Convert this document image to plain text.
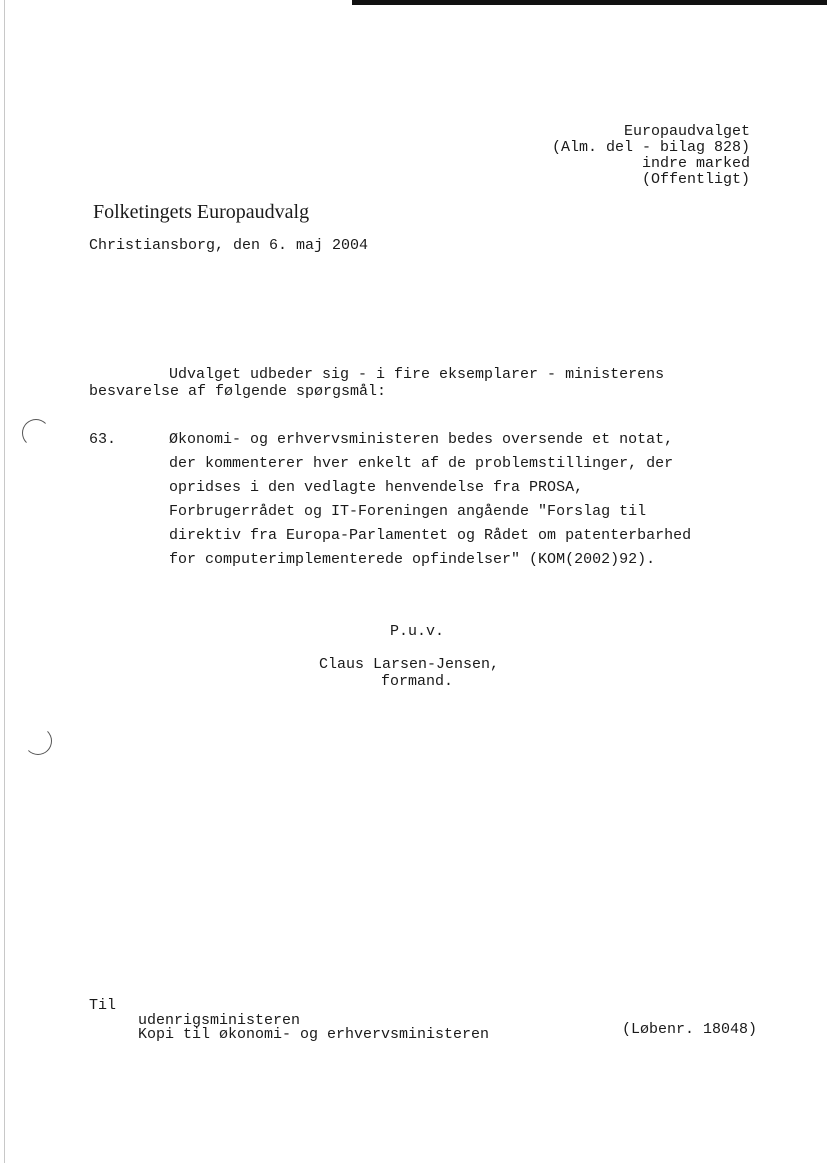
Europaudvalget
(Alm. del - bilag 828)
indre marked
(Offentligt)
Folketingets Europaudvalg
Christiansborg, den 6. maj 2004
Udvalget udbeder sig - i fire eksemplarer - ministerens
besvarelse af følgende spørgsmål:
63.	Økonomi- og erhvervsministeren bedes oversende et notat,
der kommenterer hver enkelt af de problemstillinger, der
opridses i den vedlagte henvendelse fra PROSA,
Forbrugerrådet og IT-Foreningen angående "Forslag til
direktiv fra Europa-Parlamentet og Rådet om patenterbarhed
for computerimplementerede opfindelser" (KOM(2002)92).
P.u.v.
Claus Larsen-Jensen,
formand.
Til
udenrigsministeren
Kopi til økonomi- og erhvervsministeren	(Løbenr. 18048)
